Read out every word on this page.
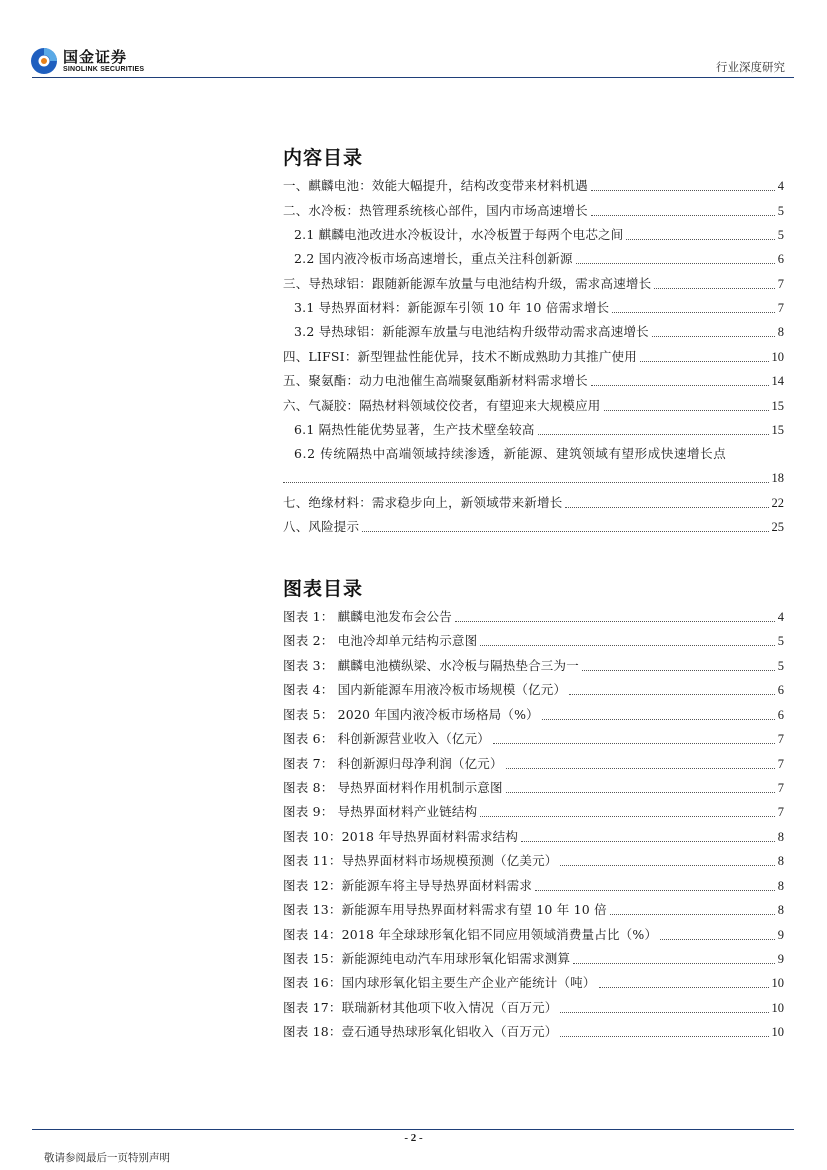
国金证券
SINOLINK SECURITIES	行业深度研究
内容目录
一、麒麟电池：效能大幅提升，结构改变带来材料机遇	4
二、水冷板：热管理系统核心部件，国内市场高速增长	5
2.1 麒麟电池改进水冷板设计，水冷板置于每两个电芯之间	5
2.2 国内液冷板市场高速增长，重点关注科创新源	6
三、导热球铝：跟随新能源车放量与电池结构升级，需求高速增长	7
3.1 导热界面材料：新能源车引领 10 年 10 倍需求增长	7
3.2 导热球铝：新能源车放量与电池结构升级带动需求高速增长	8
四、LIFSI：新型锂盐性能优异，技术不断成熟助力其推广使用	10
五、聚氨酯：动力电池催生高端聚氨酯新材料需求增长	14
六、气凝胶：隔热材料领域佼佼者，有望迎来大规模应用	15
6.1 隔热性能优势显著，生产技术壁垒较高	15
6.2 传统隔热中高端领域持续渗透，新能源、建筑领域有望形成快速增长点
18
七、绝缘材料：需求稳步向上，新领域带来新增长	22
八、风险提示	25
图表目录
图表 1： 麒麟电池发布会公告	4
图表 2： 电池冷却单元结构示意图	5
图表 3： 麒麟电池横纵梁、水冷板与隔热垫合三为一	5
图表 4： 国内新能源车用液冷板市场规模（亿元）	6
图表 5： 2020 年国内液冷板市场格局（%）	6
图表 6： 科创新源营业收入（亿元）	7
图表 7： 科创新源归母净利润（亿元）	7
图表 8： 导热界面材料作用机制示意图	7
图表 9： 导热界面材料产业链结构	7
图表 10：2018 年导热界面材料需求结构	8
图表 11：导热界面材料市场规模预测（亿美元）	8
图表 12：新能源车将主导导热界面材料需求	8
图表 13：新能源车用导热界面材料需求有望 10 年 10 倍	8
图表 14：2018 年全球球形氧化铝不同应用领域消费量占比（%）	9
图表 15：新能源纯电动汽车用球形氧化铝需求测算	9
图表 16：国内球形氧化铝主要生产企业产能统计（吨）	10
图表 17：联瑞新材其他项下收入情况（百万元）	10
图表 18：壹石通导热球形氧化铝收入（百万元）	10
- 2 -
敬请参阅最后一页特别声明
